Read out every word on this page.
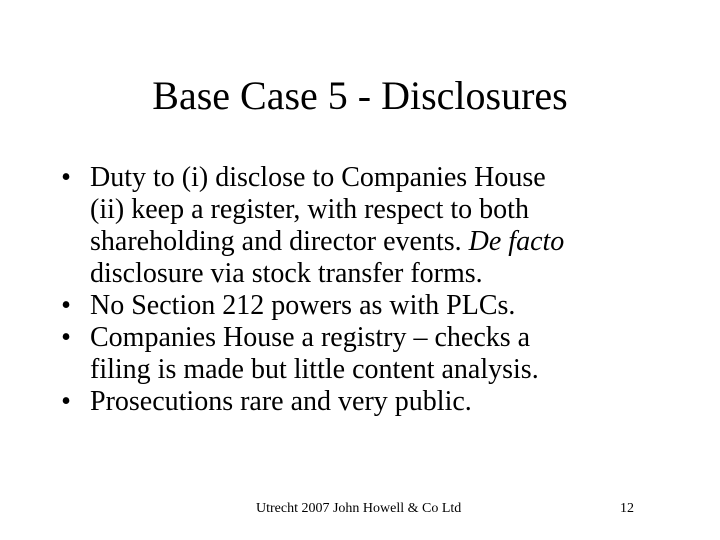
Base Case 5 - Disclosures
• Duty to (i) disclose to Companies House
(ii) keep a register, with respect to both
shareholding and director events. De facto
disclosure via stock transfer forms.
• No Section 212 powers as with PLCs.
• Companies House a registry – checks a
filing is made but little content analysis.
• Prosecutions rare and very public.
Utrecht 2007 John Howell & Co Ltd	12
